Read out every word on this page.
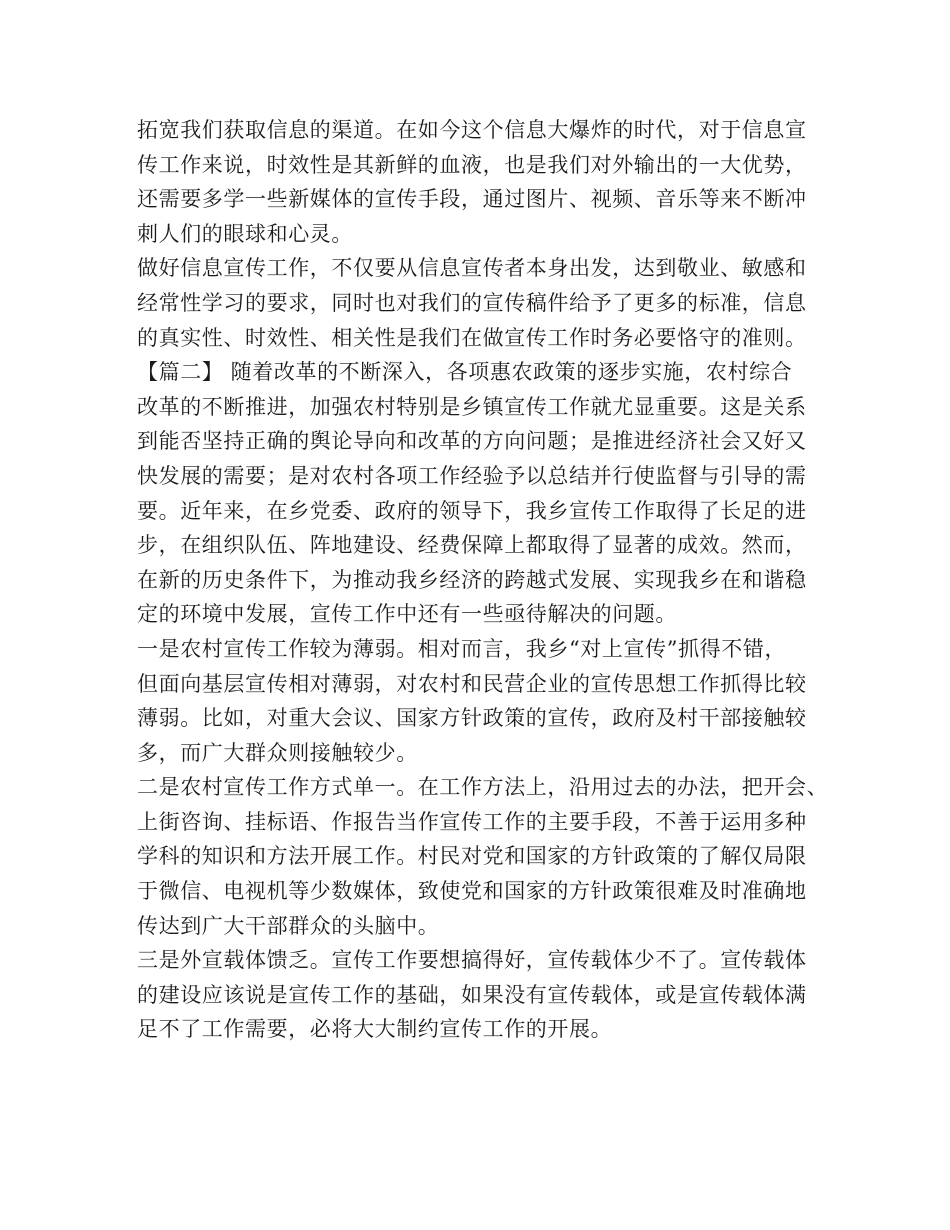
拓宽我们获取信息的渠道。在如今这个信息大爆炸的时代，对于信息宣
传工作来说，时效性是其新鲜的血液，也是我们对外输出的一大优势，
还需要多学一些新媒体的宣传手段，通过图片、视频、音乐等来不断冲
刺人们的眼球和心灵。
做好信息宣传工作，不仅要从信息宣传者本身出发，达到敬业、敏感和
经常性学习的要求，同时也对我们的宣传稿件给予了更多的标准，信息
的真实性、时效性、相关性是我们在做宣传工作时务必要恪守的准则。
【篇二】 随着改革的不断深入，各项惠农政策的逐步实施，农村综合
改革的不断推进，加强农村特别是乡镇宣传工作就尤显重要。这是关系
到能否坚持正确的舆论导向和改革的方向问题；是推进经济社会又好又
快发展的需要；是对农村各项工作经验予以总结并行使监督与引导的需
要。近年来，在乡党委、政府的领导下，我乡宣传工作取得了长足的进
步，在组织队伍、阵地建设、经费保障上都取得了显著的成效。然而，
在新的历史条件下，为推动我乡经济的跨越式发展、实现我乡在和谐稳
定的环境中发展，宣传工作中还有一些亟待解决的问题。
一是农村宣传工作较为薄弱。相对而言，我乡“对上宣传”抓得不错，
但面向基层宣传相对薄弱，对农村和民营企业的宣传思想工作抓得比较
薄弱。比如，对重大会议、国家方针政策的宣传，政府及村干部接触较
多，而广大群众则接触较少。
二是农村宣传工作方式单一。在工作方法上，沿用过去的办法，把开会、
上街咨询、挂标语、作报告当作宣传工作的主要手段，不善于运用多种
学科的知识和方法开展工作。村民对党和国家的方针政策的了解仅局限
于微信、电视机等少数媒体，致使党和国家的方针政策很难及时准确地
传达到广大干部群众的头脑中。
三是外宣载体馈乏。宣传工作要想搞得好，宣传载体少不了。宣传载体
的建设应该说是宣传工作的基础，如果没有宣传载体，或是宣传载体满
足不了工作需要，必将大大制约宣传工作的开展。
